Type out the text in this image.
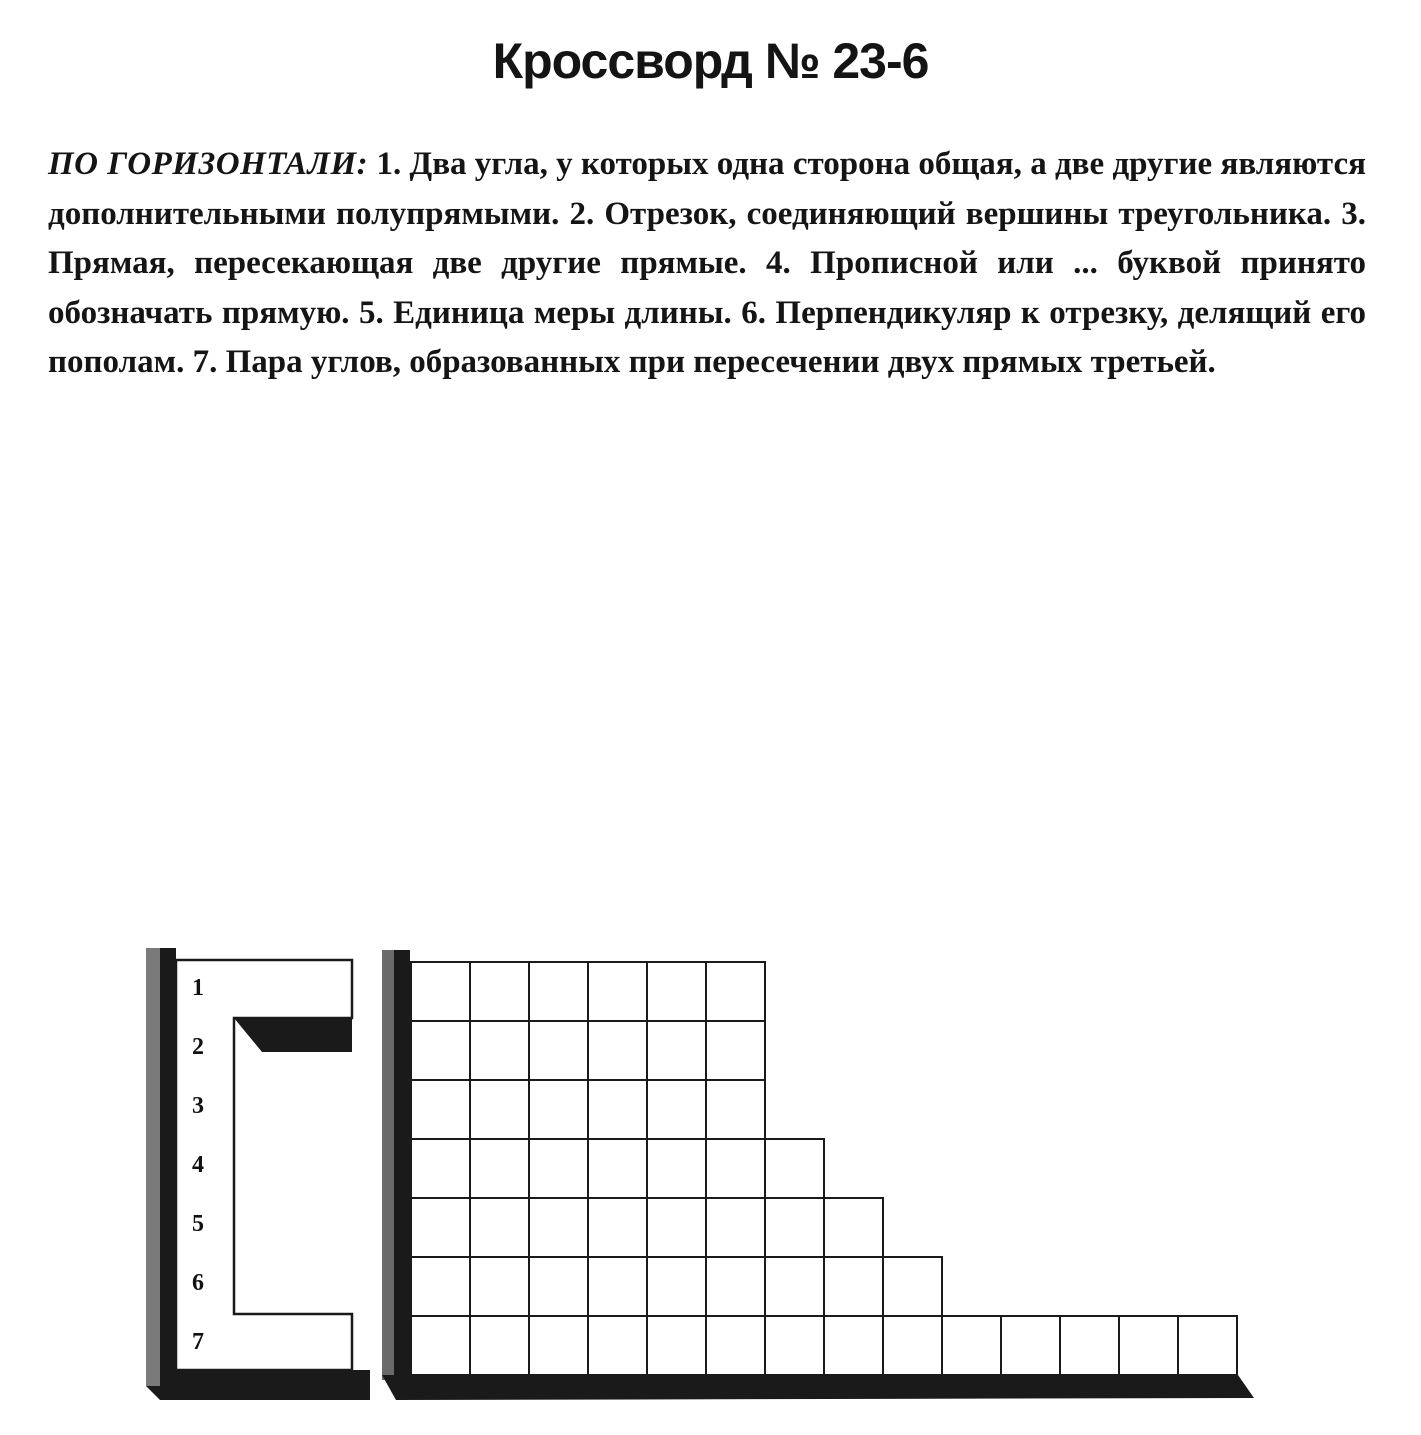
Кроссворд № 23-6
ПО ГОРИЗОНТАЛИ: 1. Два угла, у которых одна сторона общая, а две другие являются дополнительными полупрямыми. 2. Отрезок, соединяющий вершины треугольника. 3. Прямая, пересекающая две другие прямые. 4. Прописной или ... буквой принято обозначать прямую. 5. Единица меры длины. 6. Перпендикуляр к отрезку, делящий его пополам. 7. Пара углов, образованных при пересечении двух прямых третьей.
1
2
3
4
5
6
7
